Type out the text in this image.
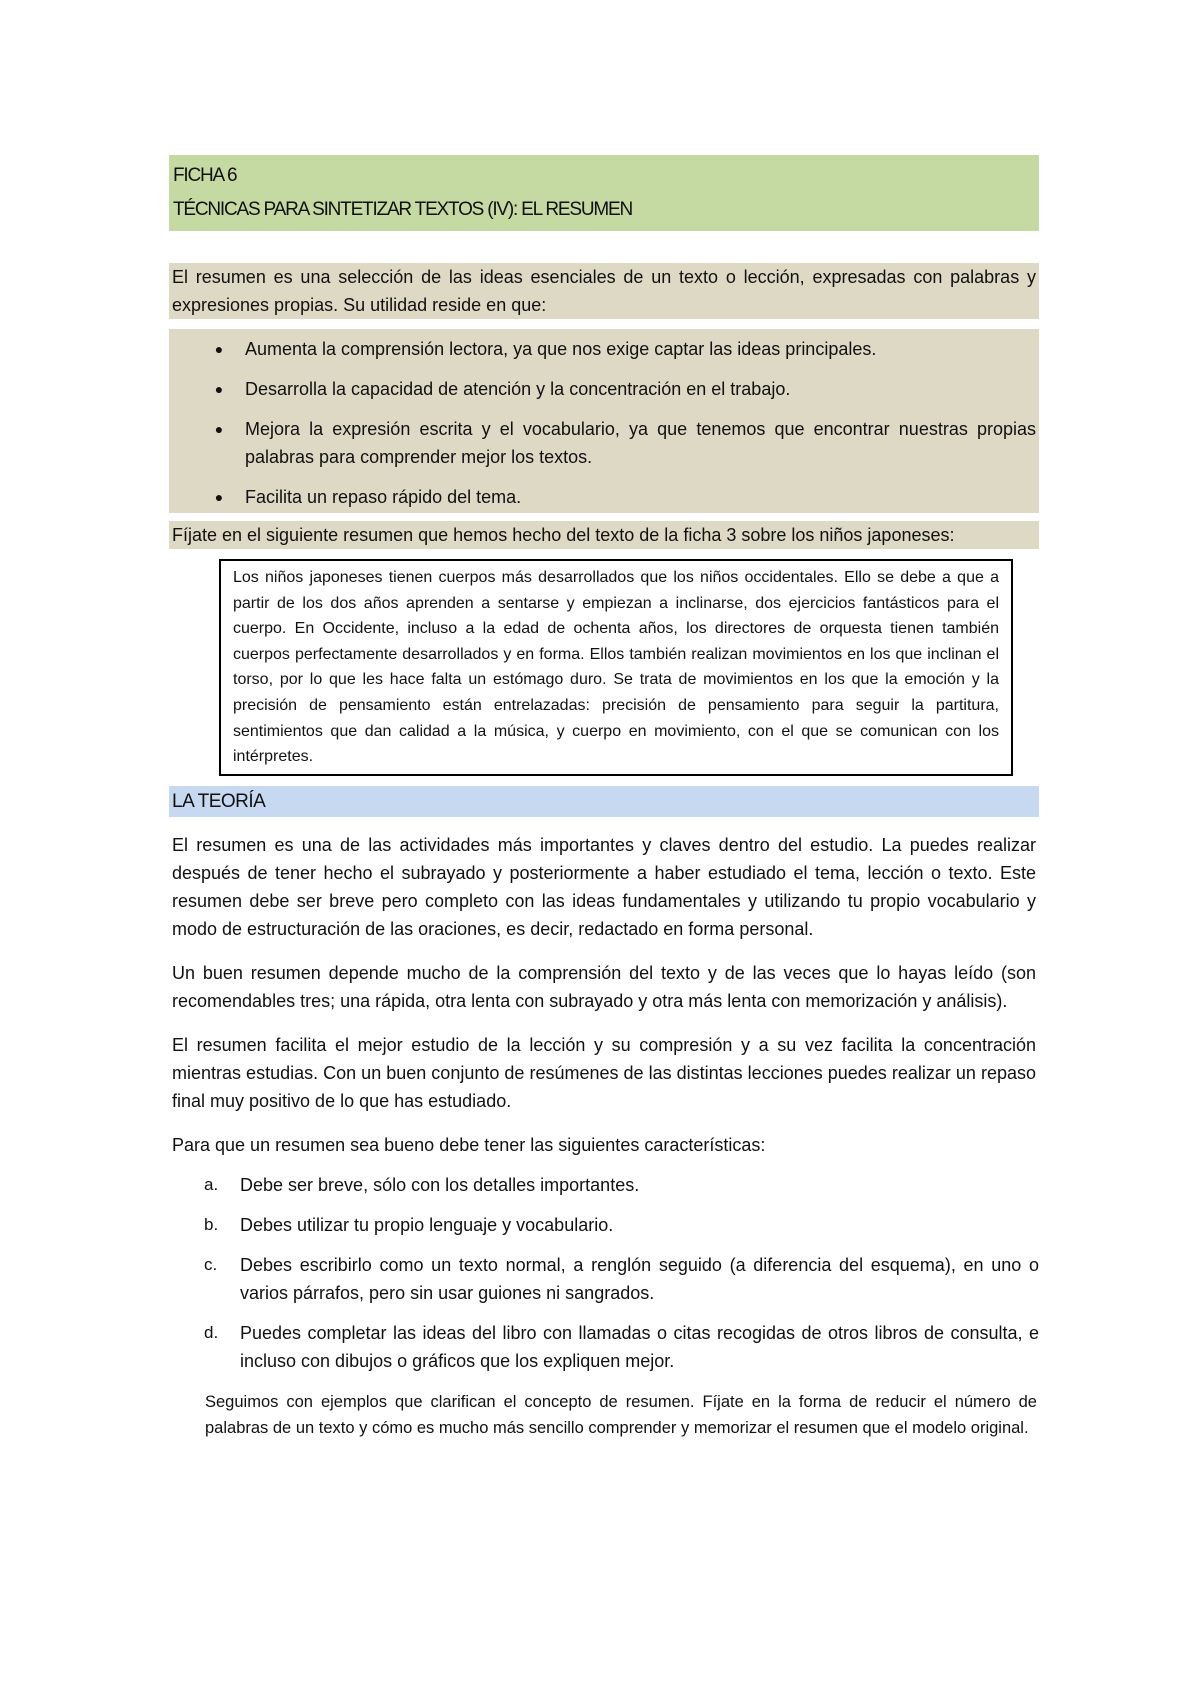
FICHA 6
TÉCNICAS PARA SINTETIZAR TEXTOS (IV): EL RESUMEN
El resumen es una selección de las ideas esenciales de un texto o lección, expresadas con palabras y expresiones propias. Su utilidad reside en que:
●	Aumenta la comprensión lectora, ya que nos exige captar las ideas principales.
●	Desarrolla la capacidad de atención y la concentración en el trabajo.
●	Mejora la expresión escrita y el vocabulario, ya que tenemos que encontrar nuestras propias palabras para comprender mejor los textos.
●	Facilita un repaso rápido del tema.
Fíjate en el siguiente resumen que hemos hecho del texto de la ficha 3 sobre los niños japoneses:
Los niños japoneses tienen cuerpos más desarrollados que los niños occidentales. Ello se debe a que a partir de los dos años aprenden a sentarse y empiezan a inclinarse, dos ejercicios fantásticos para el cuerpo. En Occidente, incluso a la edad de ochenta años, los directores de orquesta tienen también cuerpos perfectamente desarrollados y en forma. Ellos también realizan movimientos en los que inclinan el torso, por lo que les hace falta un estómago duro. Se trata de movimientos en los que la emoción y la precisión de pensamiento están entrelazadas: precisión de pensamiento para seguir la partitura, sentimientos que dan calidad a la música, y cuerpo en movimiento, con el que se comunican con los intérpretes.
LA TEORÍA
El resumen es una de las actividades más importantes y claves dentro del estudio. La puedes realizar después de tener hecho el subrayado y posteriormente a haber estudiado el tema, lección o texto. Este resumen debe ser breve pero completo con las ideas fundamentales y utilizando tu propio vocabulario y modo de estructuración de las oraciones, es decir, redactado en forma personal.
Un buen resumen depende mucho de la comprensión del texto y de las veces que lo hayas leído (son recomendables tres; una rápida, otra lenta con subrayado y otra más lenta con memorización y análisis).
El resumen facilita el mejor estudio de la lección y su compresión y a su vez facilita la concentración mientras estudias. Con un buen conjunto de resúmenes de las distintas lecciones puedes realizar un repaso final muy positivo de lo que has estudiado.
Para que un resumen sea bueno debe tener las siguientes características:
a.	Debe ser breve, sólo con los detalles importantes.
b.	Debes utilizar tu propio lenguaje y vocabulario.
c.	Debes escribirlo como un texto normal, a renglón seguido (a diferencia del esquema), en uno o varios párrafos, pero sin usar guiones ni sangrados.
d.	Puedes completar las ideas del libro con llamadas o citas recogidas de otros libros de consulta, e incluso con dibujos o gráficos que los expliquen mejor.
Seguimos con ejemplos que clarifican el concepto de resumen. Fíjate en la forma de reducir el número de palabras de un texto y cómo es mucho más sencillo comprender y memorizar el resumen que el modelo original.
